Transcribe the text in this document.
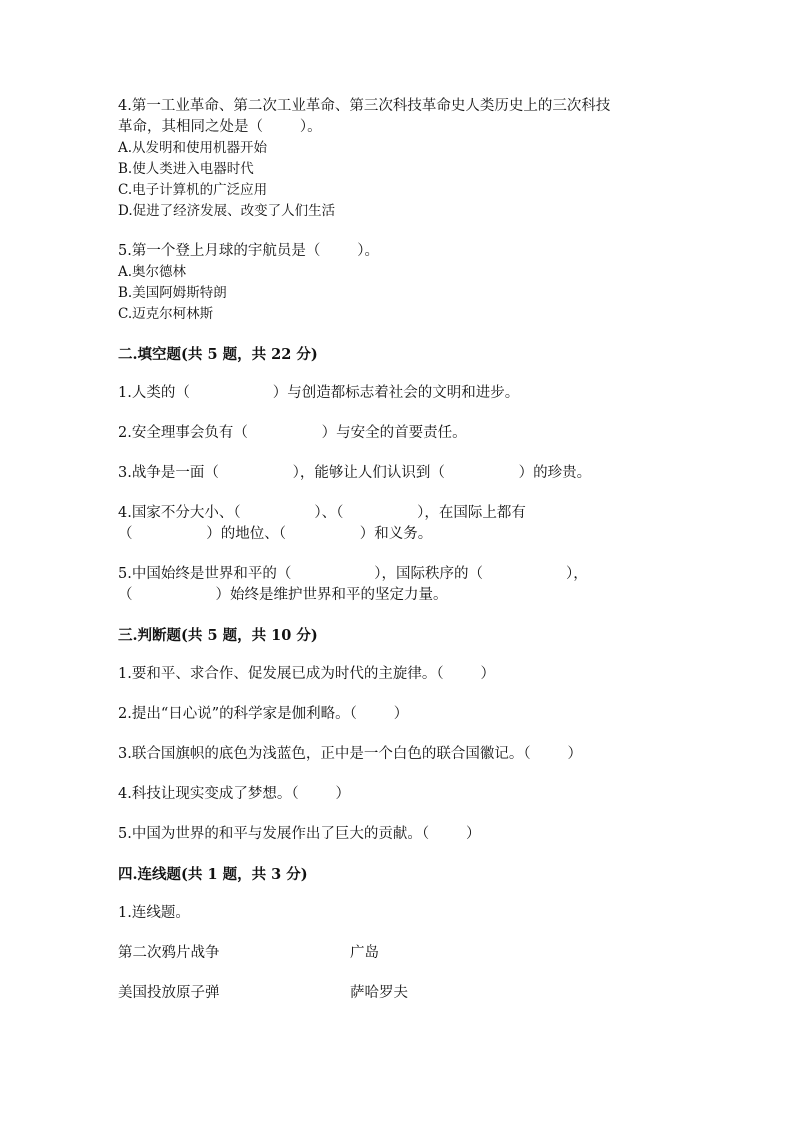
4.第一工业革命、第二次工业革命、第三次科技革命史人类历史上的三次科技
革命，其相同之处是（        ）。
A.从发明和使用机器开始
B.使人类进入电器时代
C.电子计算机的广泛应用
D.促进了经济发展、改变了人们生活
5.第一个登上月球的宇航员是（        ）。
A.奥尔德林
B.美国阿姆斯特朗
C.迈克尔柯林斯
二.填空题(共 5 题，共 22 分)
1.人类的（                  ）与创造都标志着社会的文明和进步。
2.安全理事会负有（                ）与安全的首要责任。
3.战争是一面（                ），能够让人们认识到（                ）的珍贵。
4.国家不分大小、（                ）、（                ），在国际上都有
（                ）的地位、（                ）和义务。
5.中国始终是世界和平的（                  ），国际秩序的（                  ），
（                  ）始终是维护世界和平的坚定力量。
三.判断题(共 5 题，共 10 分)
1.要和平、求合作、促发展已成为时代的主旋律。（        ）
2.提出“日心说”的科学家是伽利略。（        ）
3.联合国旗帜的底色为浅蓝色，正中是一个白色的联合国徽记。（        ）
4.科技让现实变成了梦想。（        ）
5.中国为世界的和平与发展作出了巨大的贡献。（        ）
四.连线题(共 1 题，共 3 分)
1.连线题。
第二次鸦片战争	广岛
美国投放原子弹	萨哈罗夫
